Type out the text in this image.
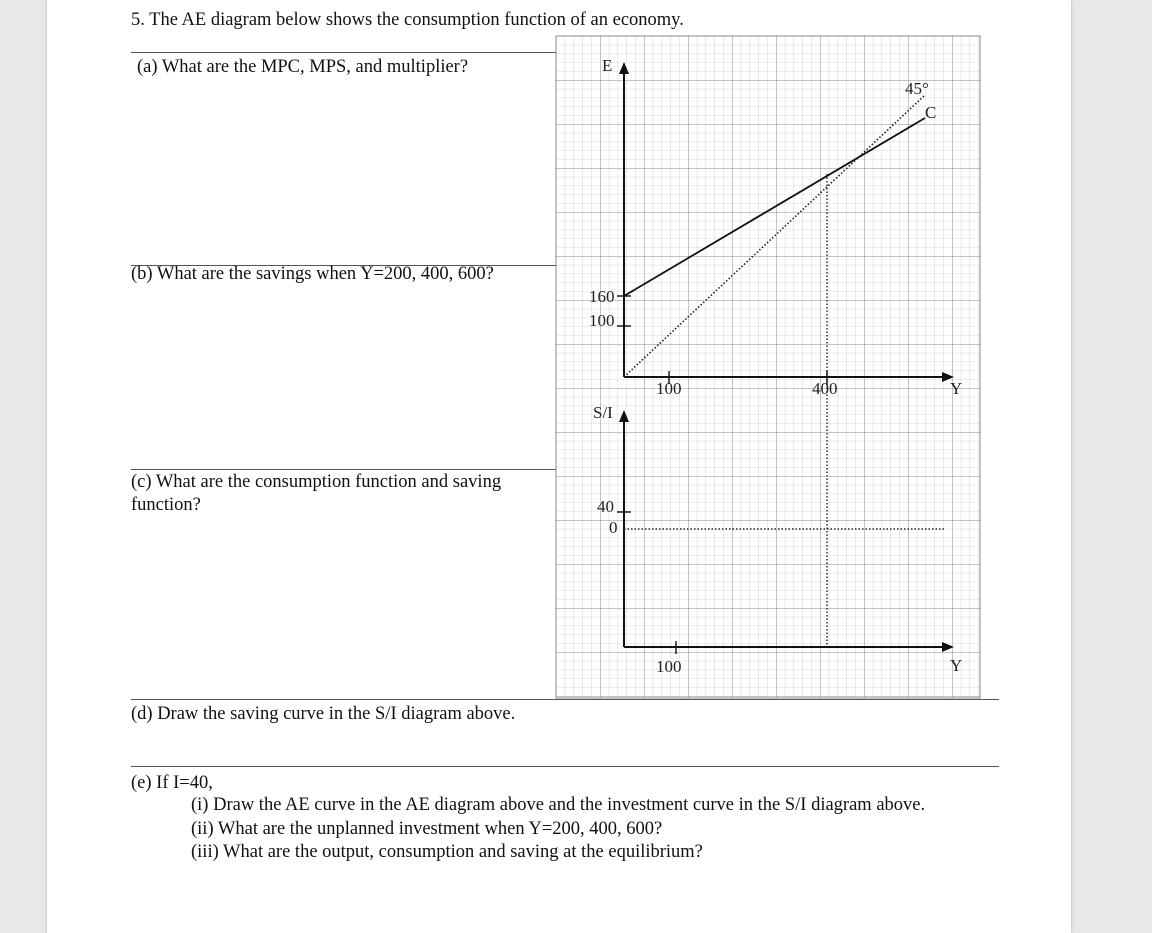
5. The AE diagram below shows the consumption function of an economy.
(a) What are the MPC, MPS, and multiplier?
(b) What are the savings when Y=200, 400, 600?
(c) What are the consumption function and saving
function?
(d) Draw the saving curve in the S/I diagram above.
(e) If I=40,
(i) Draw the AE curve in the AE diagram above and the investment curve in the S/I diagram above.
(ii) What are the unplanned investment when Y=200, 400, 600?
(iii) What are the output, consumption and saving at the equilibrium?
E
Y
160
100
100	400
45°
C
S/I
Y
40
0
100
